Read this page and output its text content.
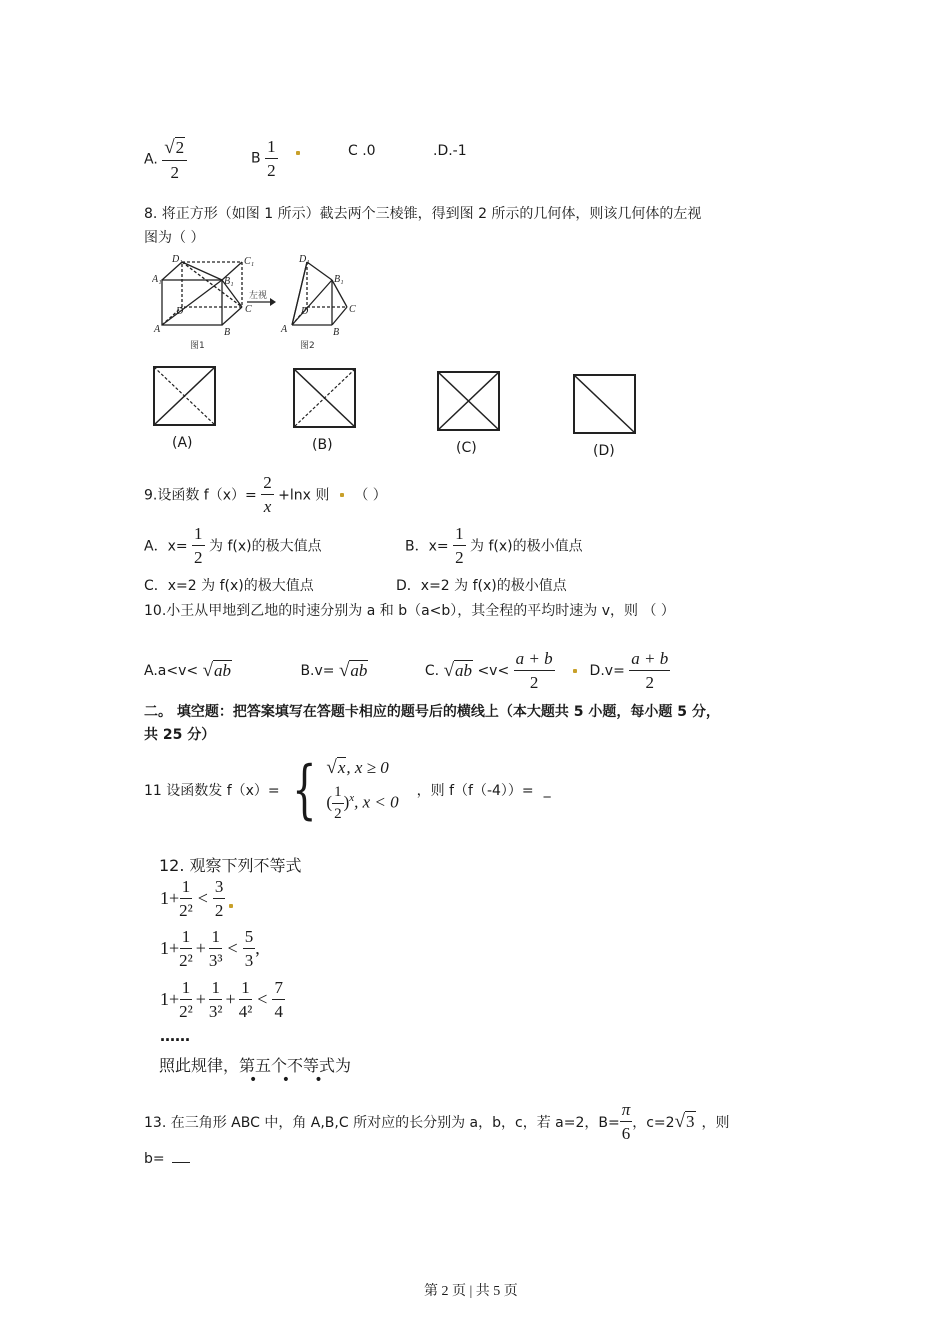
A. $\frac{√2}{2}$	B $\frac{1}{2}$	C .0	.D.-1
8. 将正方形（如图 1 所示）截去两个三棱锥，得到图 2 所示的几何体，则该几何体的左视
图为（ ）
D₁	C₁
A₁	B₁
D	C
A	B
图1
左视
D₁
B₁
D	C
A	B
图2
(A)	(B)	(C)	(D)
9.设函数 $f(x)= \frac{2}{x} +\ln x$ 则 （ ）
A．$x= \frac{1}{2}$ 为 f(x)的极大值点	B．$x= \frac{1}{2}$ 为 f(x)的极小值点
C．x=2 为 f(x)的极大值点	D．x=2 为 f(x)的极小值点
10.小王从甲地到乙地的时速分别为 a 和 b（a<b），其全程的平均时速为 v，则 （ ）
A.a<v< √ab	B.v= √ab	C. $√ab <v< \frac{a + b}{2} D.v= \frac{a + b}{2}$
二。 填空题：把答案填写在答题卡相应的题号后的横线上（本大题共 5 小题，每小题 5 分，
共 25 分）
11 设函数发 f（x）= { √x, x ≥ 0
( $\frac{1}{2} )^x$, x < 0
，则 f（f（-4））= _
12. 观察下列不等式
$1+ \frac{1}{\text{2²}} < \frac{3}{2}$
$1+ \frac{1}{\text{2²}} + \frac{1}{\text{3³}} < \frac{5}{3}$ ,
$1+ \frac{1}{\text{2²}} + \frac{1}{\text{3²}} + \frac{1}{\text{4²}} < \frac{7}{4}$
……
照此规律，第五个不等式为
• • •
13. 在三角形 ABC 中，角 A,B,C 所对应的长分别为 a，b，c，若 a=2，$B= \frac{\pi}{6}$ ，c=2 √3 ，则
b=
第 2 页 | 共 5 页
